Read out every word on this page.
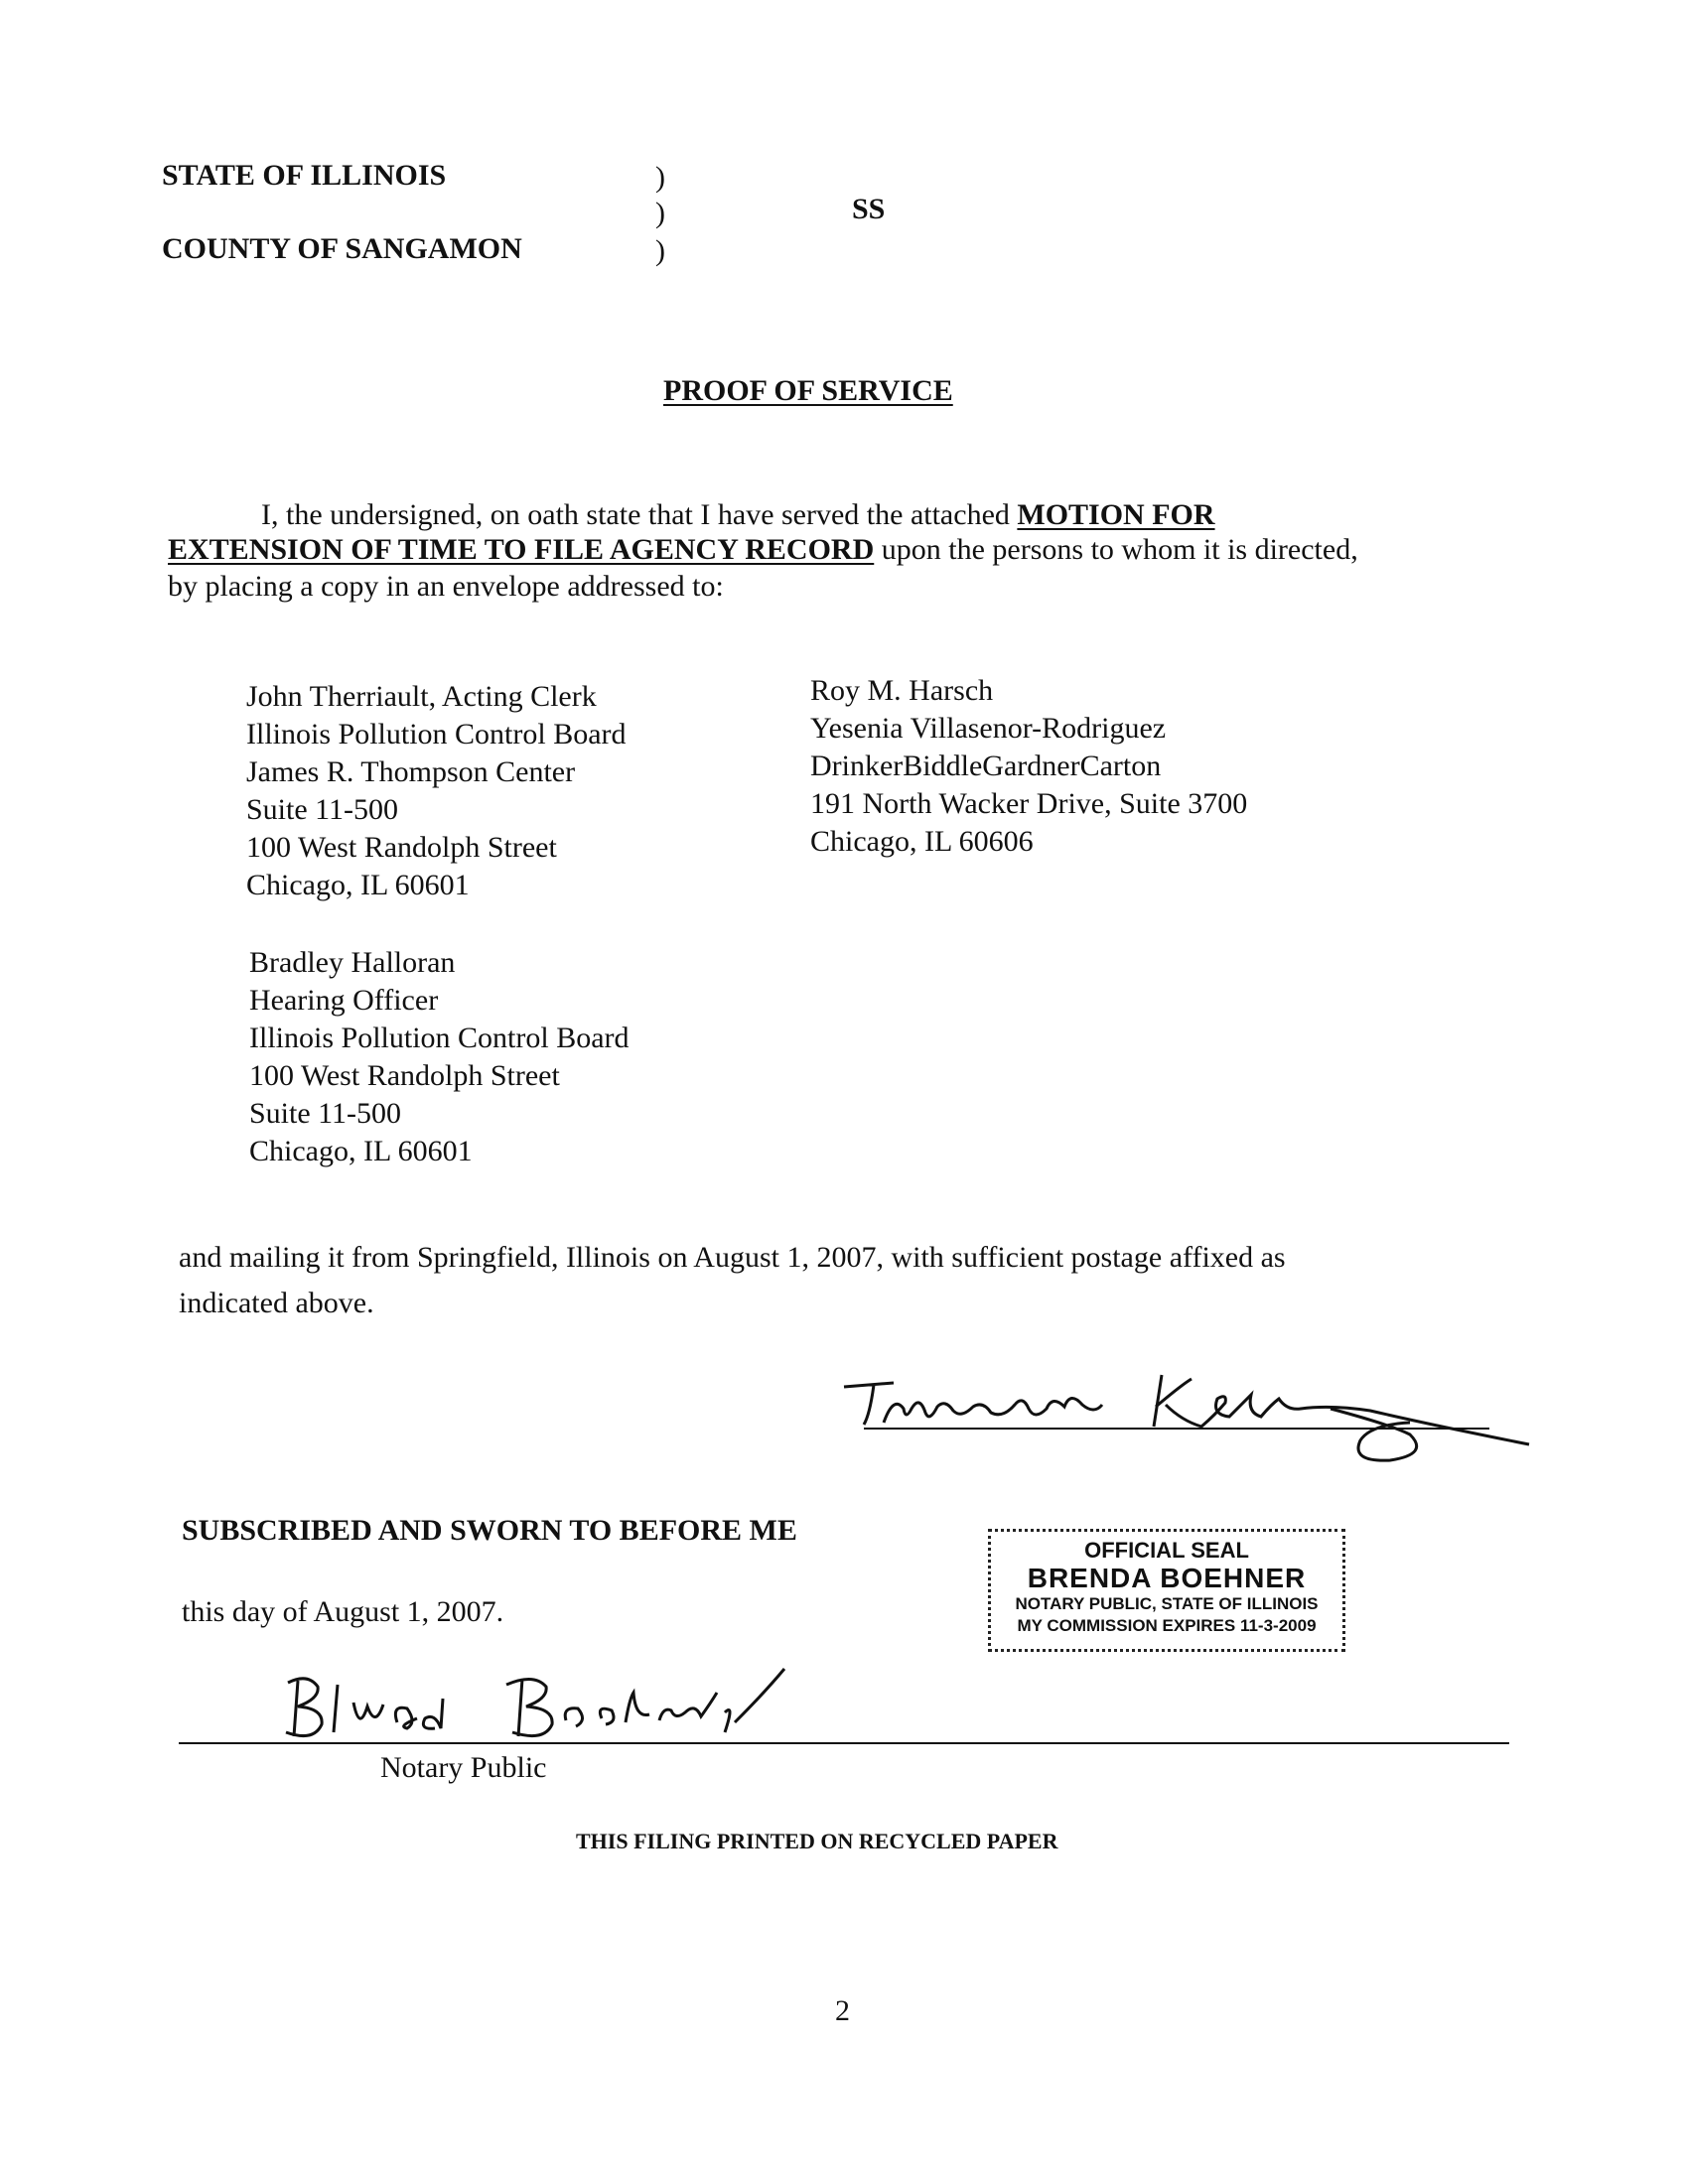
STATE OF ILLINOIS
COUNTY OF SANGAMON
)
)
)
SS
PROOF OF SERVICE
I, the undersigned, on oath state that I have served the attached MOTION FOR
EXTENSION OF TIME TO FILE AGENCY RECORD upon the persons to whom it is directed,
by placing a copy in an envelope addressed to:
John Therriault, Acting Clerk
Illinois Pollution Control Board
James R. Thompson Center
Suite 11-500
100 West Randolph Street
Chicago, IL 60601
Roy M. Harsch
Yesenia Villasenor-Rodriguez
DrinkerBiddleGardnerCarton
191 North Wacker Drive, Suite 3700
Chicago, IL 60606
Bradley Halloran
Hearing Officer
Illinois Pollution Control Board
100 West Randolph Street
Suite 11-500
Chicago, IL 60601
and mailing it from Springfield, Illinois on August 1, 2007, with sufficient postage affixed as
indicated above.
SUBSCRIBED AND SWORN TO BEFORE ME
this day of August 1, 2007.
OFFICIAL SEAL
BRENDA BOEHNER
NOTARY PUBLIC, STATE OF ILLINOIS
MY COMMISSION EXPIRES 11-3-2009
Notary Public
THIS FILING PRINTED ON RECYCLED PAPER
2
